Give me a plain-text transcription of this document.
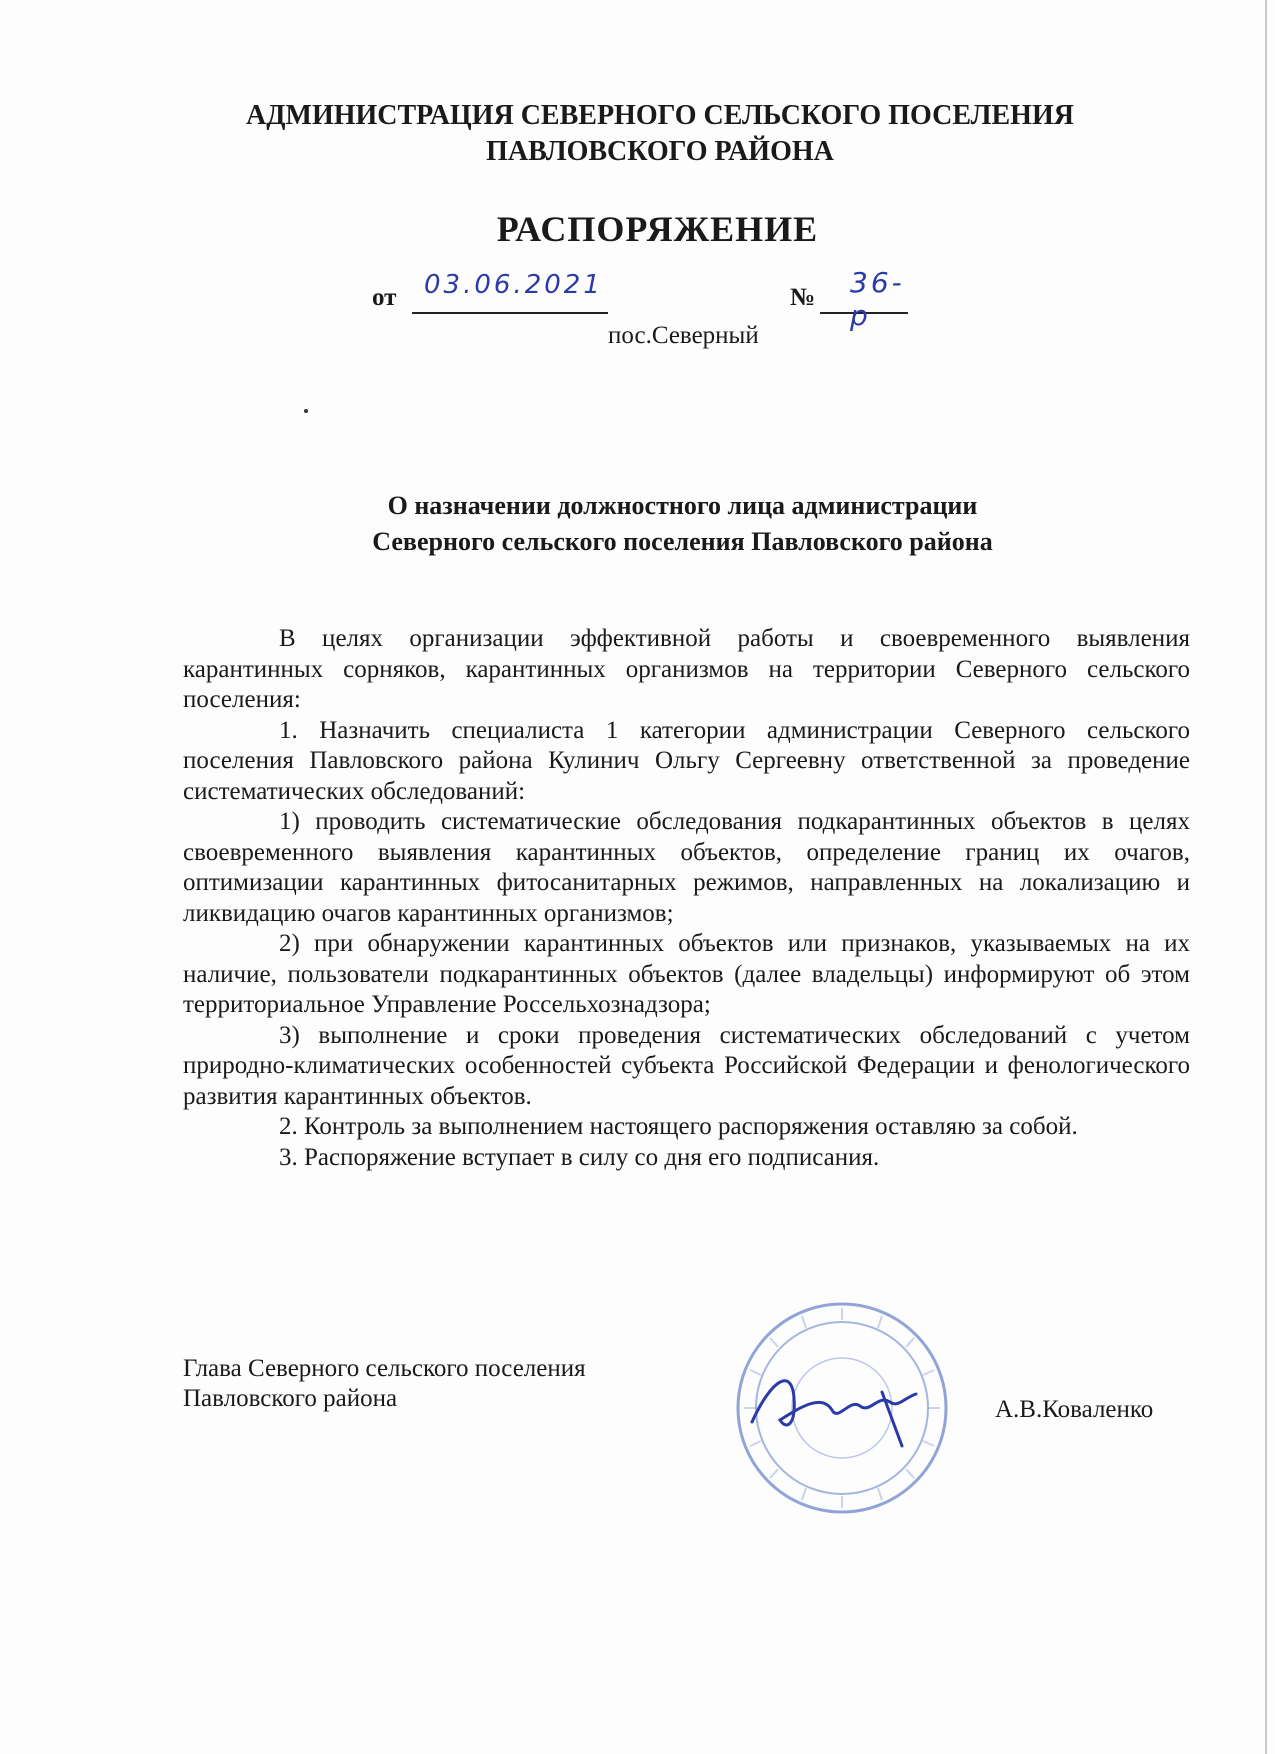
АДМИНИСТРАЦИЯ СЕВЕРНОГО СЕЛЬСКОГО ПОСЕЛЕНИЯ
ПАВЛОВСКОГО РАЙОНА
РАСПОРЯЖЕНИЕ
от 03.06.2021	№ 36-р
пос.Северный
О назначении должностного лица администрации
Северного сельского поселения Павловского района

В целях организации эффективной работы и своевременного выявления карантинных сорняков, карантинных организмов на территории Северного сельского поселения:

1. Назначить специалиста 1 категории администрации Северного сельского поселения Павловского района Кулинич Ольгу Сергеевну ответственной за проведение систематических обследований:

1) проводить систематические обследования подкарантинных объектов в целях своевременного выявления карантинных объектов, определение границ их очагов, оптимизации карантинных фитосанитарных режимов, направленных на локализацию и ликвидацию очагов карантинных организмов;

2) при обнаружении карантинных объектов или признаков, указываемых на их наличие, пользователи подкарантинных объектов (далее владельцы) информируют об этом территориальное Управление Россельхознадзора;

3) выполнение и сроки проведения систематических обследований с учетом природно-климатических особенностей субъекта Российской Федерации и фенологического развития карантинных объектов.

2. Контроль за выполнением настоящего распоряжения оставляю за собой.

3. Распоряжение вступает в силу со дня его подписания.

Глава Северного сельского поселения
Павловского района	А.В.Коваленко
